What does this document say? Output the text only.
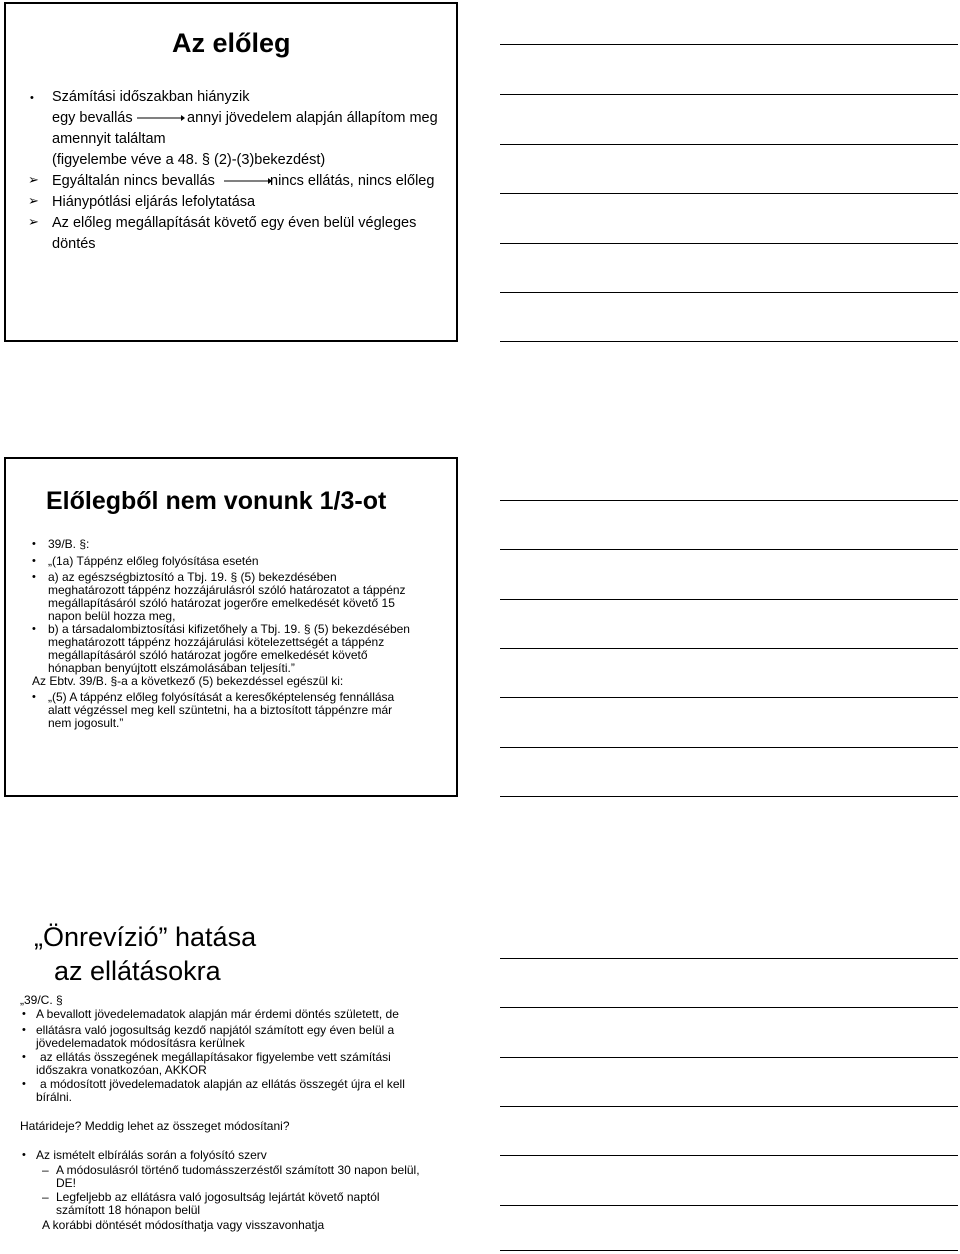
Az előleg
• Számítási időszakban hiányzik
egy bevallás	annyi jövedelem alapján állapítom meg
amennyit találtam
(figyelembe véve a 48. § (2)-(3)bekezdést)
➢ Egyáltalán nincs bevallás	nincs ellátás, nincs előleg
➢ Hiánypótlási eljárás lefolytatása
➢ Az előleg megállapítását követő egy éven belül végleges
döntés
Előlegből nem vonunk 1/3-ot
• 39/B. §:
• „(1a) Táppénz előleg folyósítása esetén
• a) az egészségbiztosító a Tbj. 19. § (5) bekezdésében
meghatározott táppénz hozzájárulásról szóló határozatot a táppénz
megállapításáról szóló határozat jogerőre emelkedését követő 15
napon belül hozza meg,
• b) a társadalombiztosítási kifizetőhely a Tbj. 19. § (5) bekezdésében
meghatározott táppénz hozzájárulási kötelezettségét a táppénz
megállapításáról szóló határozat jogőre emelkedését követő
hónapban benyújtott elszámolásában teljesíti.”
Az Ebtv. 39/B. §-a a következő (5) bekezdéssel egészül ki:
• „(5) A táppénz előleg folyósítását a keresőképtelenség fennállása
alatt végzéssel meg kell szüntetni, ha a biztosított táppénzre már
nem jogosult.”
„Önrevízió” hatása
az ellátásokra
„39/C. §
• A bevallott jövedelemadatok alapján már érdemi döntés született, de
• ellátásra való jogosultság kezdő napjától számított egy éven belül a
jövedelemadatok módosításra kerülnek
• az ellátás összegének megállapításakor figyelembe vett számítási
időszakra vonatkozóan, AKKOR
• a módosított jövedelemadatok alapján az ellátás összegét újra el kell
bírálni.
Határideje? Meddig lehet az összeget módosítani?
• Az ismételt elbírálás során a folyósító szerv
– A módosulásról történő tudomásszerzéstől számított 30 napon belül,
DE!
– Legfeljebb az ellátásra való jogosultság lejártát követő naptól
számított 18 hónapon belül
A korábbi döntését módosíthatja vagy visszavonhatja
